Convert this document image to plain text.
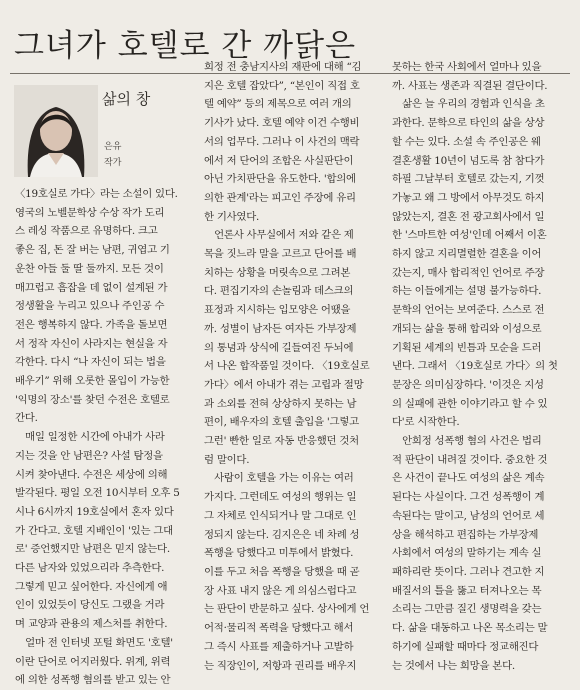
그녀가 호텔로 간 까닭은
삶의 창
은유
작가
〈19호실로 가다〉라는 소설이 있다.
영국의 노벨문학상 수상 작가 도리
스 레싱 작품으로 유명하다. 크고
좋은 집, 돈 잘 버는 남편, 귀엽고 기
운찬 아들 둘 딸 둘까지. 모든 것이
매끄럽고 흠잡을 데 없이 설계된 가
정생활을 누리고 있으나 주인공 수
전은 행복하지 않다. 가족을 돌보면
서 정작 자신이 사라지는 현실을 자
각한다. 다시 “나 자신이 되는 법을
배우기” 위해 오롯한 몰입이 가능한
'익명의 장소'를 찾던 수전은 호텔로
간다.
　매일 일정한 시간에 아내가 사라
지는 것을 안 남편은? 사설 탐정을
시켜 찾아낸다. 수전은 세상에 의해
발각된다. 평일 오전 10시부터 오후 5
시나 6시까지 19호실에서 혼자 있다
가 간다고. 호텔 지배인이 '있는 그대
로' 증언했지만 남편은 믿지 않는다.
다른 남자와 있었으리라 추측한다.
그렇게 믿고 싶어한다. 자신에게 애
인이 있었듯이 당신도 그랬을 거라
며 교양과 관용의 제스처를 취한다.
　얼마 전 인터넷 포털 화면도 '호텔'
이란 단어로 어지러웠다. 위계, 위력
에 의한 성폭행 혐의를 받고 있는 안
희정 전 충남지사의 재판에 대해 “김
지은 호텔 잡았다”, “본인이 직접 호
텔 예약” 등의 제목으로 여러 개의
기사가 났다. 호텔 예약 이건 수행비
서의 업무다. 그러나 이 사건의 맥락
에서 저 단어의 조합은 사실판단이
아닌 가치판단을 유도한다. '합의에
의한 관계'라는 피고인 주장에 유리
한 기사였다.
　언론사 사무실에서 저와 같은 제
목을 짓느라 말을 고르고 단어를 배
치하는 상황을 머릿속으로 그려본
다. 편집기자의 손놀림과 데스크의
표정과 지시하는 입모양은 어땠을
까. 성별이 남자든 여자든 가부장제
의 통념과 상식에 길들여진 두뇌에
서 나온 합작품일 것이다. 〈19호실로
가다〉에서 아내가 겪는 고립과 절망
과 소외를 전혀 상상하지 못하는 남
편이, 배우자의 호텔 출입을 '그렇고
그런' 빤한 일로 자동 반응했던 것처
럼 말이다.
　사람이 호텔을 가는 이유는 여러
가지다. 그런데도 여성의 행위는 일
그 자체로 인식되거나 말 그대로 인
정되지 않는다. 김지은은 네 차례 성
폭행을 당했다고 미투에서 밝혔다.
이를 두고 처음 폭행을 당했을 때 곧
장 사표 내지 않은 게 의심스럽다고
는 판단이 반문하고 싶다. 상사에게 언
어적·물리적 폭력을 당했다고 해서
그 즉시 사표를 제출하거나 고발하
는 직장인이, 저항과 권리를 배우지
못하는 한국 사회에서 얼마나 있을
까. 사표는 생존과 직결된 결단이다.
　삶은 늘 우리의 경험과 인식을 초
과한다. 문학으로 타인의 삶을 상상
할 수는 있다. 소설 속 주인공은 웨
결혼생활 10년이 넘도록 참 참다가
하필 그날부터 호텔로 갔는지, 기껏
가놓고 왜 그 방에서 아무것도 하지
않았는지, 결혼 전 광고회사에서 일
한 '스마트한 여성'인데 어째서 이혼
하지 않고 지리멸렬한 결혼을 이어
갔는지, 매사 합리적인 언어로 주장
하는 이들에게는 설명 불가능하다.
문학의 언어는 보여준다. 스스로 전
개되는 삶을 통해 합리와 이성으로
기획된 세계의 빈틈과 모순을 드러
낸다. 그래서 〈19호실로 가다〉의 첫
문장은 의미심장하다. '이것은 지성
의 실패에 관한 이야기라고 할 수 있
다'로 시작한다.
　안희정 성폭행 혐의 사건은 법리
적 판단이 내려질 것이다. 중요한 것
은 사건이 끝나도 여성의 삶은 계속
된다는 사실이다. 그건 성폭행이 계
속된다는 말이고, 남성의 언어로 세
상을 해석하고 편집하는 가부장제
사회에서 여성의 말하기는 계속 실
패하리란 뜻이다. 그러나 견고한 지
배질서의 틀을 뚫고 터져나오는 목
소리는 그만큼 질긴 생명력을 갖는
다. 삶을 대동하고 나온 목소리는 말
하기에 실패할 때마다 정교해진다
는 것에서 나는 희망을 본다.
